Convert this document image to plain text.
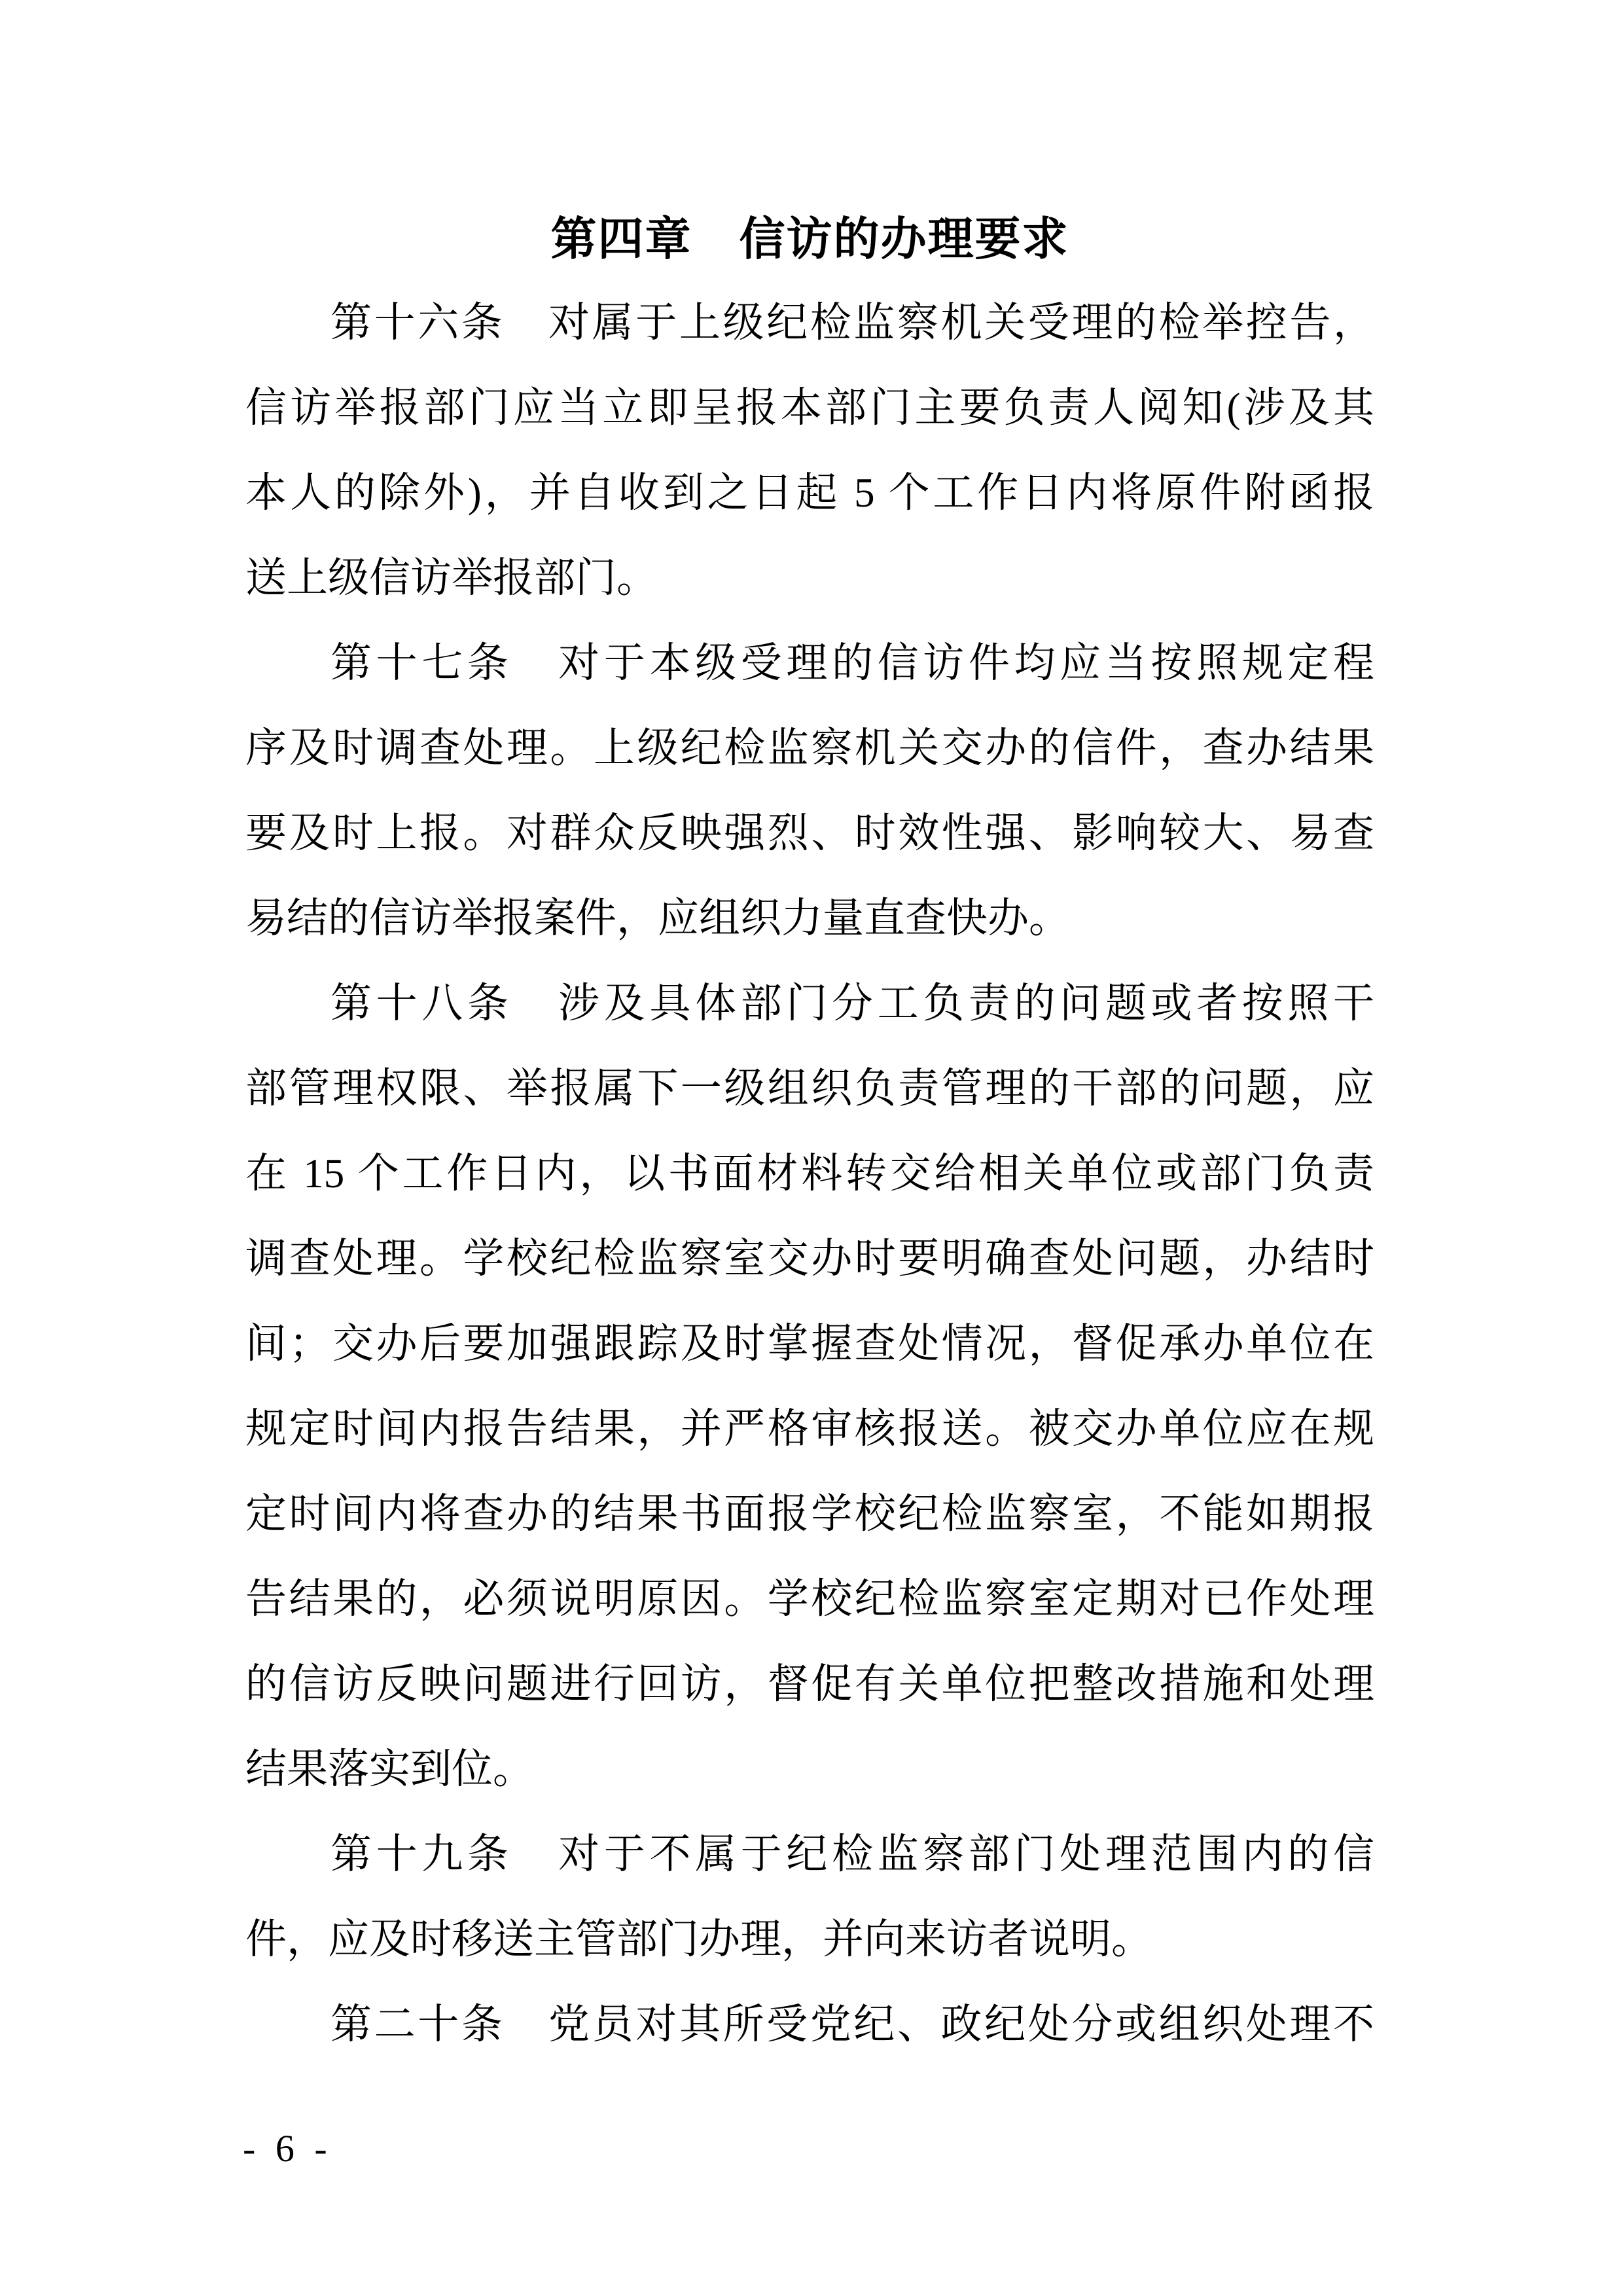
第四章　信访的办理要求
第十六条　对属于上级纪检监察机关受理的检举控告，
信访举报部门应当立即呈报本部门主要负责人阅知(涉及其
本人的除外)，并自收到之日起 5 个工作日内将原件附函报
送上级信访举报部门。
第十七条　对于本级受理的信访件均应当按照规定程
序及时调查处理。上级纪检监察机关交办的信件，查办结果
要及时上报。对群众反映强烈、时效性强、影响较大、易查
易结的信访举报案件，应组织力量直查快办。
第十八条　涉及具体部门分工负责的问题或者按照干
部管理权限、举报属下一级组织负责管理的干部的问题，应
在 15 个工作日内，以书面材料转交给相关单位或部门负责
调查处理。学校纪检监察室交办时要明确查处问题，办结时
间；交办后要加强跟踪及时掌握查处情况，督促承办单位在
规定时间内报告结果，并严格审核报送。被交办单位应在规
定时间内将查办的结果书面报学校纪检监察室，不能如期报
告结果的，必须说明原因。学校纪检监察室定期对已作处理
的信访反映问题进行回访，督促有关单位把整改措施和处理
结果落实到位。
第十九条　对于不属于纪检监察部门处理范围内的信
件，应及时移送主管部门办理，并向来访者说明。
第二十条　党员对其所受党纪、政纪处分或组织处理不
- 6 -
